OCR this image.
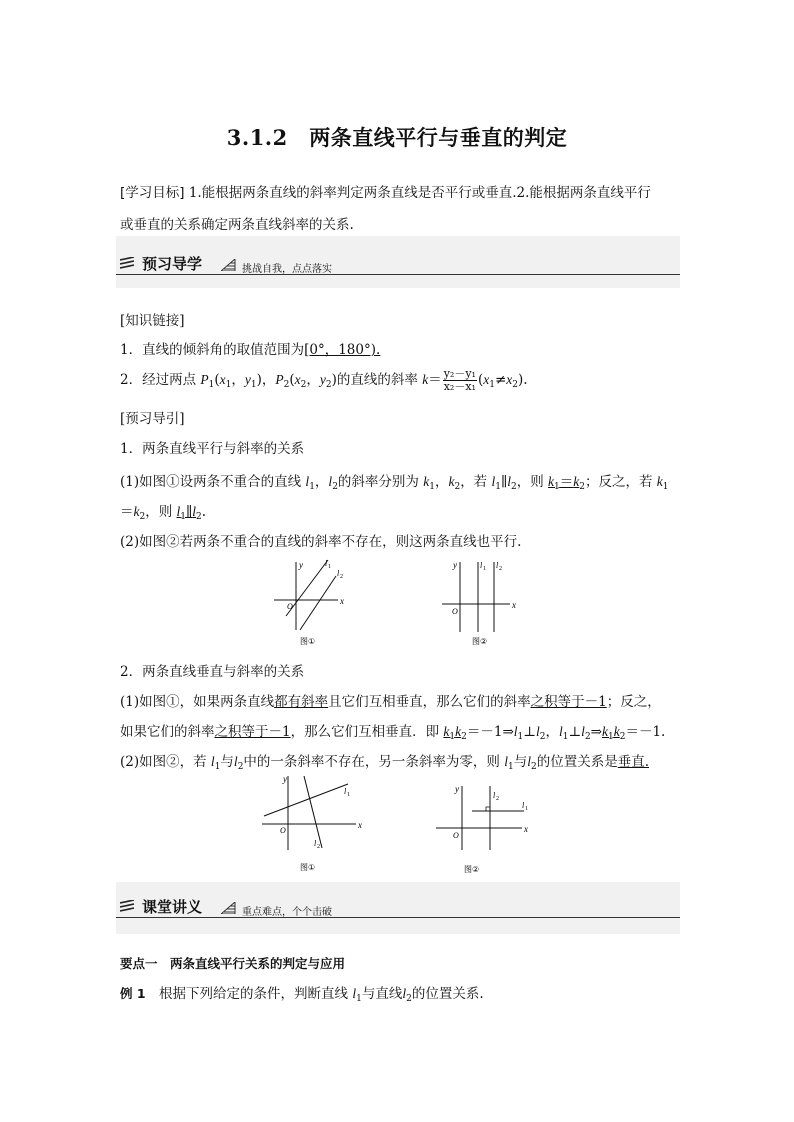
3.1.2　两条直线平行与垂直的判定
[学习目标] 1.能根据两条直线的斜率判定两条直线是否平行或垂直.2.能根据两条直线平行
或垂直的关系确定两条直线斜率的关系.
预习导学	挑战自我，点点落实
[知识链接]
1．直线的倾斜角的取值范围为[0°，180°).
2．经过两点 $P_1(x_1$，$y_1$)，$P_2(x_2$，$y_2$)的直线的斜率 $k= \frac{\text{y₂－y₁}}{\text{x₂－x₁}} (x_1\ne x_2)$.
[预习导引]
1．两条直线平行与斜率的关系
(1)如图①设两条不重合的直线 $l_1$，$l_2$的斜率分别为 $k_1$，$k_2$，若 $l_1\parallel l_2$，则 $k_1=k_2$；反之，若 $k_1$
$=k_2$，则 $l_1\parallel l_2$.
(2)如图②若两条不重合的直线的斜率不存在，则这两条直线也平行.
x
y
O
l 1
l 2
图①
x
y
O
l 1 l 2
图②
2．两条直线垂直与斜率的关系
(1)如图①，如果两条直线都有斜率且它们互相垂直，那么它们的斜率之积等于－1；反之，
如果它们的斜率之积等于－1，那么它们互相垂直．即 $k_1k_2=-1\Rightarrow l_1\perp l_2$，$l_1\perp l_2\Rightarrow k_1k_2=-1$.
(2)如图②，若 $l_1$与$l_2$中的一条斜率不存在，另一条斜率为零，则 $l_1$与$l_2$的位置关系是垂直.
x
y
O
l 1
l 2
图①
x
y
O
l 2
l 1
图②
课堂讲义	重点难点，个个击破
要点一　两条直线平行关系的判定与应用
例 1　根据下列给定的条件，判断直线 $l_1$与直线$l_2$的位置关系.
